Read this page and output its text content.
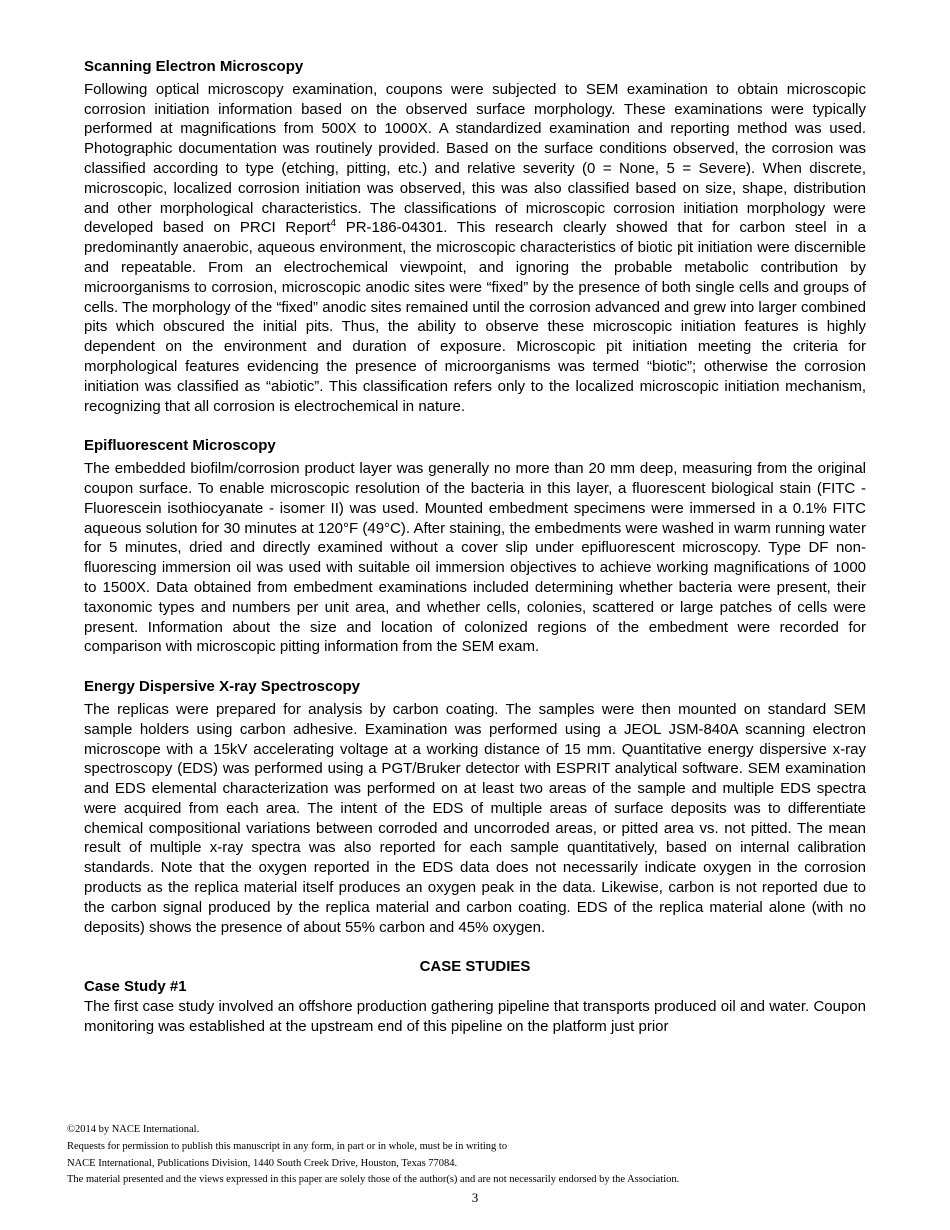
Scanning Electron Microscopy

Following optical microscopy examination, coupons were subjected to SEM examination to obtain microscopic corrosion initiation information based on the observed surface morphology. These examinations were typically performed at magnifications from 500X to 1000X. A standardized examination and reporting method was used. Photographic documentation was routinely provided. Based on the surface conditions observed, the corrosion was classified according to type (etching, pitting, etc.) and relative severity (0 = None, 5 = Severe). When discrete, microscopic, localized corrosion initiation was observed, this was also classified based on size, shape, distribution and other morphological characteristics. The classifications of microscopic corrosion initiation morphology were developed based on PRCI Report$^4$ PR-186-04301. This research clearly showed that for carbon steel in a predominantly anaerobic, aqueous environment, the microscopic characteristics of biotic pit initiation were discernible and repeatable. From an electrochemical viewpoint, and ignoring the probable metabolic contribution by microorganisms to corrosion, microscopic anodic sites were “fixed” by the presence of both single cells and groups of cells. The morphology of the “fixed” anodic sites remained until the corrosion advanced and grew into larger combined pits which obscured the initial pits. Thus, the ability to observe these microscopic initiation features is highly dependent on the environment and duration of exposure. Microscopic pit initiation meeting the criteria for morphological features evidencing the presence of microorganisms was termed “biotic”; otherwise the corrosion initiation was classified as “abiotic”. This classification refers only to the localized microscopic initiation mechanism, recognizing that all corrosion is electrochemical in nature.

Epifluorescent Microscopy

The embedded biofilm/corrosion product layer was generally no more than 20 mm deep, measuring from the original coupon surface. To enable microscopic resolution of the bacteria in this layer, a fluorescent biological stain (FITC - Fluorescein isothiocyanate - isomer II) was used. Mounted embedment specimens were immersed in a 0.1% FITC aqueous solution for 30 minutes at 120°F (49°C). After staining, the embedments were washed in warm running water for 5 minutes, dried and directly examined without a cover slip under epifluorescent microscopy. Type DF non-fluorescing immersion oil was used with suitable oil immersion objectives to achieve working magnifications of 1000 to 1500X. Data obtained from embedment examinations included determining whether bacteria were present, their taxonomic types and numbers per unit area, and whether cells, colonies, scattered or large patches of cells were present. Information about the size and location of colonized regions of the embedment were recorded for comparison with microscopic pitting information from the SEM exam.

Energy Dispersive X-ray Spectroscopy

The replicas were prepared for analysis by carbon coating. The samples were then mounted on standard SEM sample holders using carbon adhesive. Examination was performed using a JEOL JSM-840A scanning electron microscope with a 15kV accelerating voltage at a working distance of 15 mm. Quantitative energy dispersive x-ray spectroscopy (EDS) was performed using a PGT/Bruker detector with ESPRIT analytical software. SEM examination and EDS elemental characterization was performed on at least two areas of the sample and multiple EDS spectra were acquired from each area. The intent of the EDS of multiple areas of surface deposits was to differentiate chemical compositional variations between corroded and uncorroded areas, or pitted area vs. not pitted. The mean result of multiple x-ray spectra was also reported for each sample quantitatively, based on internal calibration standards. Note that the oxygen reported in the EDS data does not necessarily indicate oxygen in the corrosion products as the replica material itself produces an oxygen peak in the data. Likewise, carbon is not reported due to the carbon signal produced by the replica material and carbon coating. EDS of the replica material alone (with no deposits) shows the presence of about 55% carbon and 45% oxygen.

CASE STUDIES
Case Study #1

The first case study involved an offshore production gathering pipeline that transports produced oil and water. Coupon monitoring was established at the upstream end of this pipeline on the platform just prior

©2014 by NACE International.
Requests for permission to publish this manuscript in any form, in part or in whole, must be in writing to
NACE International, Publications Division, 1440 South Creek Drive, Houston, Texas 77084.
The material presented and the views expressed in this paper are solely those of the author(s) and are not necessarily endorsed by the Association.
3
